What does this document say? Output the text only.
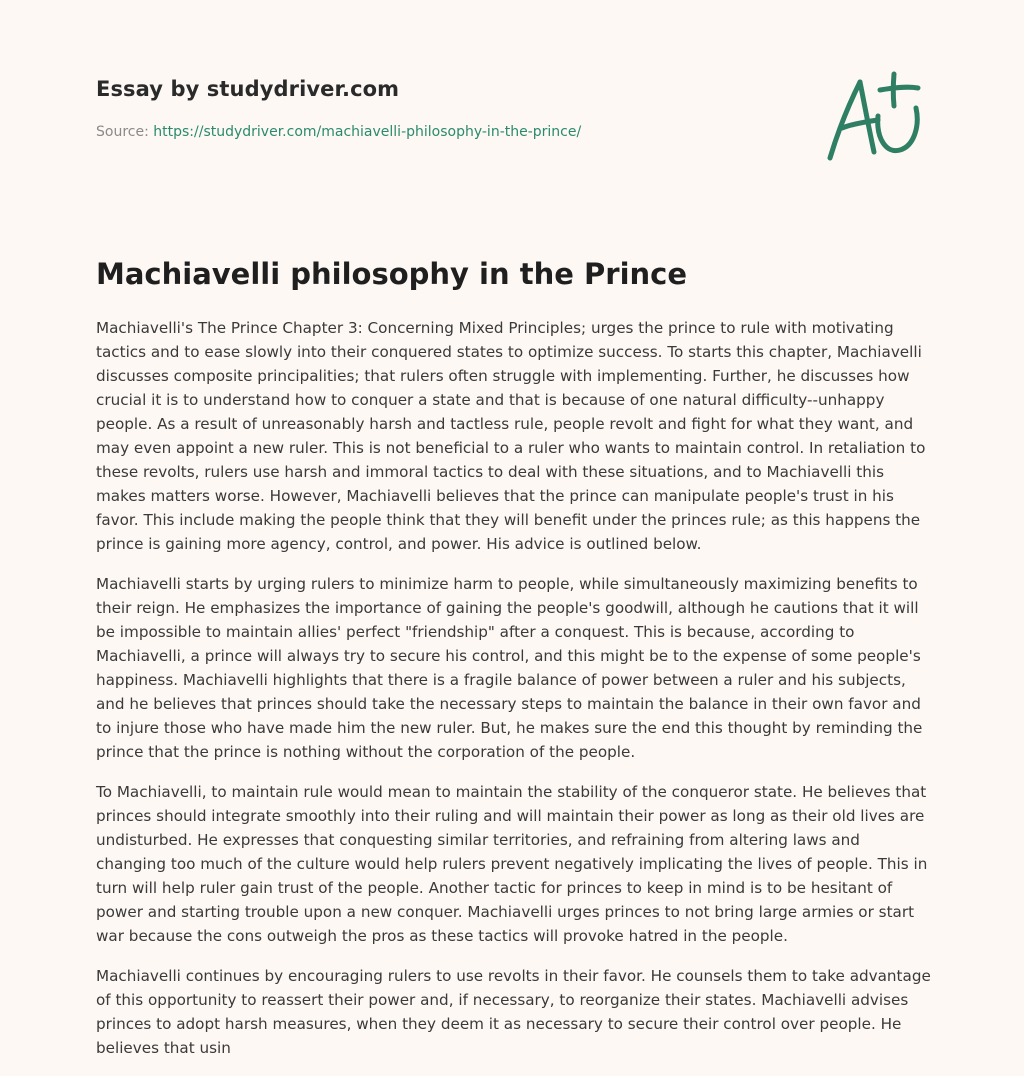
Essay by studydriver.com
Source: https://studydriver.com/machiavelli-philosophy-in-the-prince/
Machiavelli philosophy in the Prince

Machiavelli's The Prince Chapter 3: Concerning Mixed Principles; urges the prince to rule with motivating tactics and to ease slowly into their conquered states to optimize success. To starts this chapter, Machiavelli discusses composite principalities; that rulers often struggle with implementing. Further, he discusses how crucial it is to understand how to conquer a state and that is because of one natural difficulty--unhappy people. As a result of unreasonably harsh and tactless rule, people revolt and fight for what they want, and may even appoint a new ruler. This is not beneficial to a ruler who wants to maintain control. In retaliation to these revolts, rulers use harsh and immoral tactics to deal with these situations, and to Machiavelli this makes matters worse. However, Machiavelli believes that the prince can manipulate people's trust in his favor. This include making the people think that they will benefit under the princes rule; as this happens the prince is gaining more agency, control, and power. His advice is outlined below.

Machiavelli starts by urging rulers to minimize harm to people, while simultaneously maximizing benefits to their reign. He emphasizes the importance of gaining the people's goodwill, although he cautions that it will be impossible to maintain allies' perfect "friendship" after a conquest. This is because, according to Machiavelli, a prince will always try to secure his control, and this might be to the expense of some people's happiness. Machiavelli highlights that there is a fragile balance of power between a ruler and his subjects, and he believes that princes should take the necessary steps to maintain the balance in their own favor and to injure those who have made him the new ruler. But, he makes sure the end this thought by reminding the prince that the prince is nothing without the corporation of the people.

To Machiavelli, to maintain rule would mean to maintain the stability of the conqueror state. He believes that princes should integrate smoothly into their ruling and will maintain their power as long as their old lives are undisturbed. He expresses that conquesting similar territories, and refraining from altering laws and changing too much of the culture would help rulers prevent negatively implicating the lives of people. This in turn will help ruler gain trust of the people. Another tactic for princes to keep in mind is to be hesitant of power and starting trouble upon a new conquer. Machiavelli urges princes to not bring large armies or start war because the cons outweigh the pros as these tactics will provoke hatred in the people.

Machiavelli continues by encouraging rulers to use revolts in their favor. He counsels them to take advantage of this opportunity to reassert their power and, if necessary, to reorganize their states. Machiavelli advises princes to adopt harsh measures, when they deem it as necessary to secure their control over people. He believes that usin
